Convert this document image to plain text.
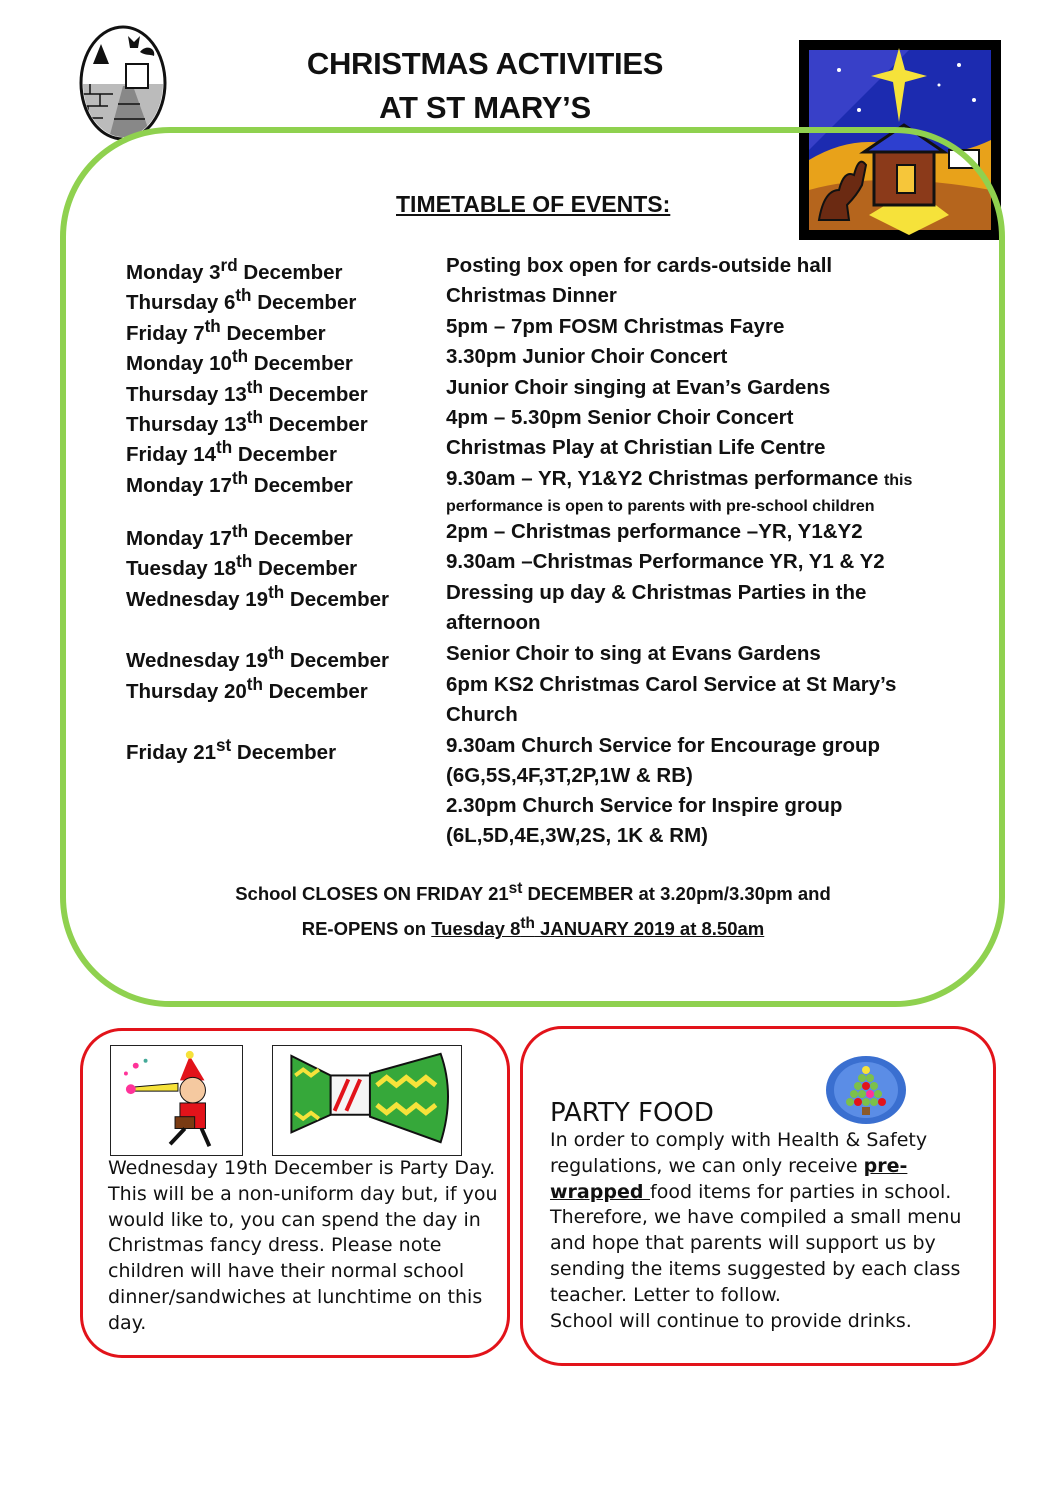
CHRISTMAS ACTIVITIES
AT ST MARY’S
TIMETABLE OF EVENTS:
Monday 3rd December	Posting box open for cards-outside hall
Thursday 6th December	Christmas Dinner
Friday 7th December	5pm – 7pm FOSM Christmas Fayre
Monday 10th December	3.30pm Junior Choir Concert
Thursday 13th December	Junior Choir singing at Evan’s Gardens
Thursday 13th December	4pm – 5.30pm Senior Choir Concert
Friday 14th December	Christmas Play at Christian Life Centre
Monday 17th December	9.30am – YR, Y1&Y2 Christmas performance this
performance is open to parents with pre-school children
Monday 17th December	2pm – Christmas performance –YR, Y1&Y2
Tuesday 18th December	9.30am –Christmas Performance YR, Y1 & Y2
Wednesday 19th December	Dressing up day & Christmas Parties in the afternoon
Wednesday 19th December	Senior Choir to sing at Evans Gardens
Thursday 20th December	6pm KS2 Christmas Carol Service at St Mary’s Church
Friday 21st December	9.30am Church Service for Encourage group (6G,5S,4F,3T,2P,1W & RB)
2.30pm Church Service for Inspire group (6L,5D,4E,3W,2S, 1K & RM)
School CLOSES ON FRIDAY 21st DECEMBER at 3.20pm/3.30pm and
RE-OPENS on Tuesday 8th JANUARY 2019 at 8.50am
Wednesday 19th December is Party Day. This will be a non-uniform day but, if you would like to, you can spend the day in Christmas fancy dress. Please note children will have their normal school dinner/sandwiches at lunchtime on this day.
PARTY FOOD
In order to comply with Health & Safety regulations, we can only receive pre-wrapped food items for parties in school. Therefore, we have compiled a small menu and hope that parents will support us by sending the items suggested by each class teacher. Letter to follow.
School will continue to provide drinks.
